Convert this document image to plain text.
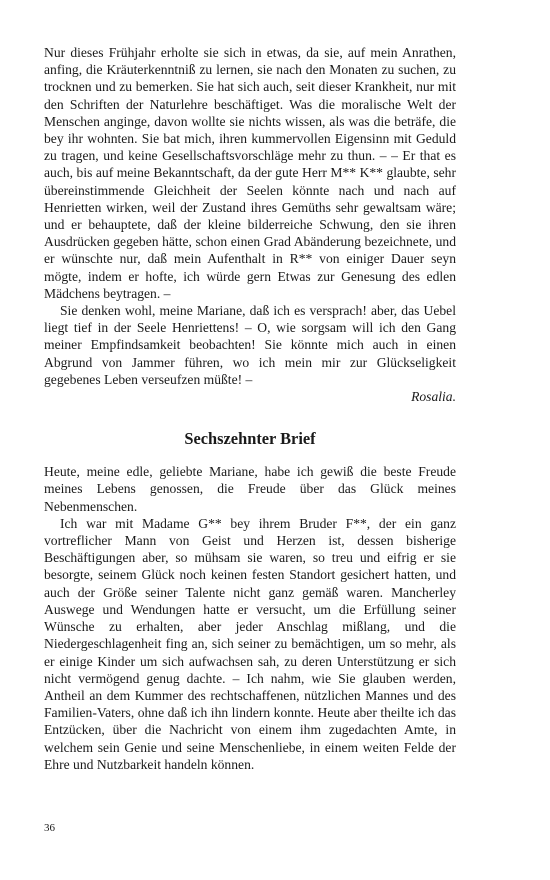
Nur dieses Frühjahr erholte sie sich in etwas, da sie, auf mein Anrathen, anfing, die Kräuterkenntniß zu lernen, sie nach den Monaten zu suchen, zu trocknen und zu bemerken. Sie hat sich auch, seit dieser Krankheit, nur mit den Schriften der Naturlehre beschäftiget. Was die moralische Welt der Menschen anginge, davon wollte sie nichts wissen, als was die beträfe, die bey ihr wohnten. Sie bat mich, ihren kummervollen Eigensinn mit Geduld zu tragen, und keine Gesellschaftsvorschläge mehr zu thun. – – Er that es auch, bis auf meine Bekanntschaft, da der gute Herr M** K** glaubte, sehr übereinstimmende Gleichheit der Seelen könnte nach und nach auf Henrietten wirken, weil der Zustand ihres Gemüths sehr gewaltsam wäre; und er behauptete, daß der kleine bilderreiche Schwung, den sie ihren Ausdrücken gegeben hätte, schon einen Grad Abänderung bezeichnete, und er wünschte nur, daß mein Aufenthalt in R** von einiger Dauer seyn mögte, indem er hofte, ich würde gern Etwas zur Genesung des edlen Mädchens beytragen. –

Sie denken wohl, meine Mariane, daß ich es versprach! aber, das Uebel liegt tief in der Seele Henriettens! – O, wie sorgsam will ich den Gang meiner Empfindsamkeit beobachten! Sie könnte mich auch in einen Abgrund von Jammer führen, wo ich mein mir zur Glückseligkeit gegebenes Leben verseufzen müßte! –

Rosalia.

Sechszehnter Brief

Heute, meine edle, geliebte Mariane, habe ich gewiß die beste Freude meines Lebens genossen, die Freude über das Glück meines Nebenmenschen.

Ich war mit Madame G** bey ihrem Bruder F**, der ein ganz vortreflicher Mann von Geist und Herzen ist, dessen bisherige Beschäftigungen aber, so mühsam sie waren, so treu und eifrig er sie besorgte, seinem Glück noch keinen festen Standort gesichert hatten, und auch der Größe seiner Talente nicht ganz gemäß waren. Mancherley Auswege und Wendungen hatte er versucht, um die Erfüllung seiner Wünsche zu erhalten, aber jeder Anschlag mißlang, und die Niedergeschlagenheit fing an, sich seiner zu bemächtigen, um so mehr, als er einige Kinder um sich aufwachsen sah, zu deren Unterstützung er sich nicht vermögend genug dachte. – Ich nahm, wie Sie glauben werden, Antheil an dem Kummer des rechtschaffenen, nützlichen Mannes und des Familien-Vaters, ohne daß ich ihn lindern konnte. Heute aber theilte ich das Entzücken, über die Nachricht von einem ihm zugedachten Amte, in welchem sein Genie und seine Menschenliebe, in einem weiten Felde der Ehre und Nutzbarkeit handeln können.

36
